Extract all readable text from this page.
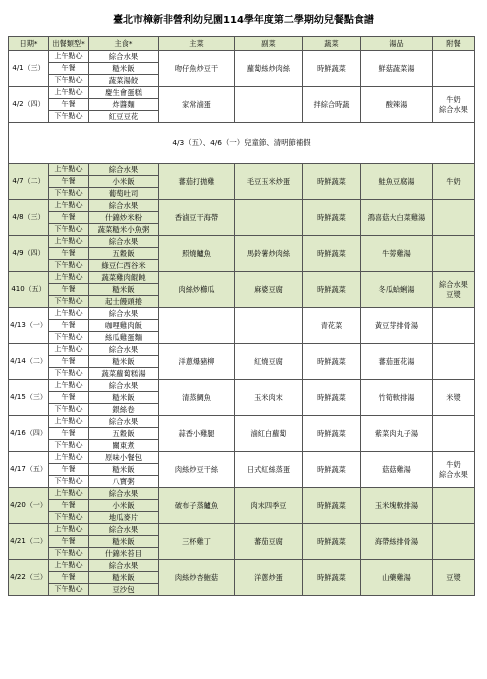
臺北市樟新非營利幼兒園114學年度第二學期幼兒餐點食譜
日期*	出餐類型*	主食*	主菜	副菜	蔬菜	湯品	附餐
4/1（三）	上午點心	綜合水果	吻仔魚炒豆干	蘿蔔絲炒肉絲	時鮮蔬菜	鮮菇蔬菜湯	
	午餐	糙米飯					
	下午點心	蔬菜湯餃					
4/2（四）	上午點心	慶生會蛋糕	家常滷蛋		拌綜合時蔬	酸辣湯	牛奶
綜合水果
	午餐	炸醬麵					
	下午點心	紅豆豆花					
4/3（五）、4/6（一）兒童節、清明節補假							
4/7（二）	上午點心	綜合水果	蕃茄打拋雞	毛豆玉米炒蛋	時鮮蔬菜	鮭魚豆腐湯	牛奶
	午餐	小米飯					
	下午點心	葡萄吐司					
4/8（三）	上午點心	綜合水果	香滷豆干海帶		時鮮蔬菜	鴻喜菇大白菜雞湯	
	午餐	什錦炒米粉					
	下午點心	蔬菜糙米小魚粥					
4/9（四）	上午點心	綜合水果	照燒鱸魚	馬鈴薯炒肉絲	時鮮蔬菜	牛蒡雞湯	
	午餐	五穀飯					
	下午點心	綠豆仁西谷米					
410（五）	上午點心	蔬菜雞肉餛飩	肉絲炒櫛瓜	麻婆豆腐	時鮮蔬菜	冬瓜蛤蜊湯	綜合水果
豆漿
	午餐	糙米飯					
	下午點心	起士饅頭捲					
4/13（一）	上午點心	綜合水果			青花菜	黃豆芽排骨湯	
	午餐	咖哩雞肉飯					
	下午點心	絲瓜雞蛋麵					
4/14（二）	上午點心	綜合水果	洋蔥爆豬柳	紅燒豆腐	時鮮蔬菜	蕃茄蛋花湯	
	午餐	糙米飯					
	下午點心	蔬菜蘿蔔糕湯					
4/15（三）	上午點心	綜合水果	清蒸鯛魚	玉米肉末	時鮮蔬菜	竹筍軟排湯	米漿
	午餐	糙米飯					
	下午點心	銀絲卷					
4/16（四）	上午點心	綜合水果	蒜香小雞腿	滷紅白蘿蔔	時鮮蔬菜	紫菜肉丸子湯	
	午餐	五穀飯					
	下午點心	關東煮					
4/17（五）	上午點心	原味小餐包	肉絲炒豆干絲	日式紅絲蒸蛋	時鮮蔬菜	菇菇雞湯	牛奶
綜合水果
	午餐	糙米飯					
	下午點心	八寶粥					
4/20（一）	上午點心	綜合水果	破布子蒸鱸魚	肉末四季豆	時鮮蔬菜	玉米塊軟排湯	
	午餐	小米飯					
	下午點心	地瓜麥片					
4/21（二）	上午點心	綜合水果	三杯雞丁	蕃茄豆腐	時鮮蔬菜	海帶絲排骨湯	
	午餐	糙米飯					
	下午點心	什錦米苔目					
4/22（三）	上午點心	綜合水果	肉絲炒杏鮑菇	洋蔥炒蛋	時鮮蔬菜	山藥雞湯	豆漿
	午餐	糙米飯					
	下午點心	豆沙包					
